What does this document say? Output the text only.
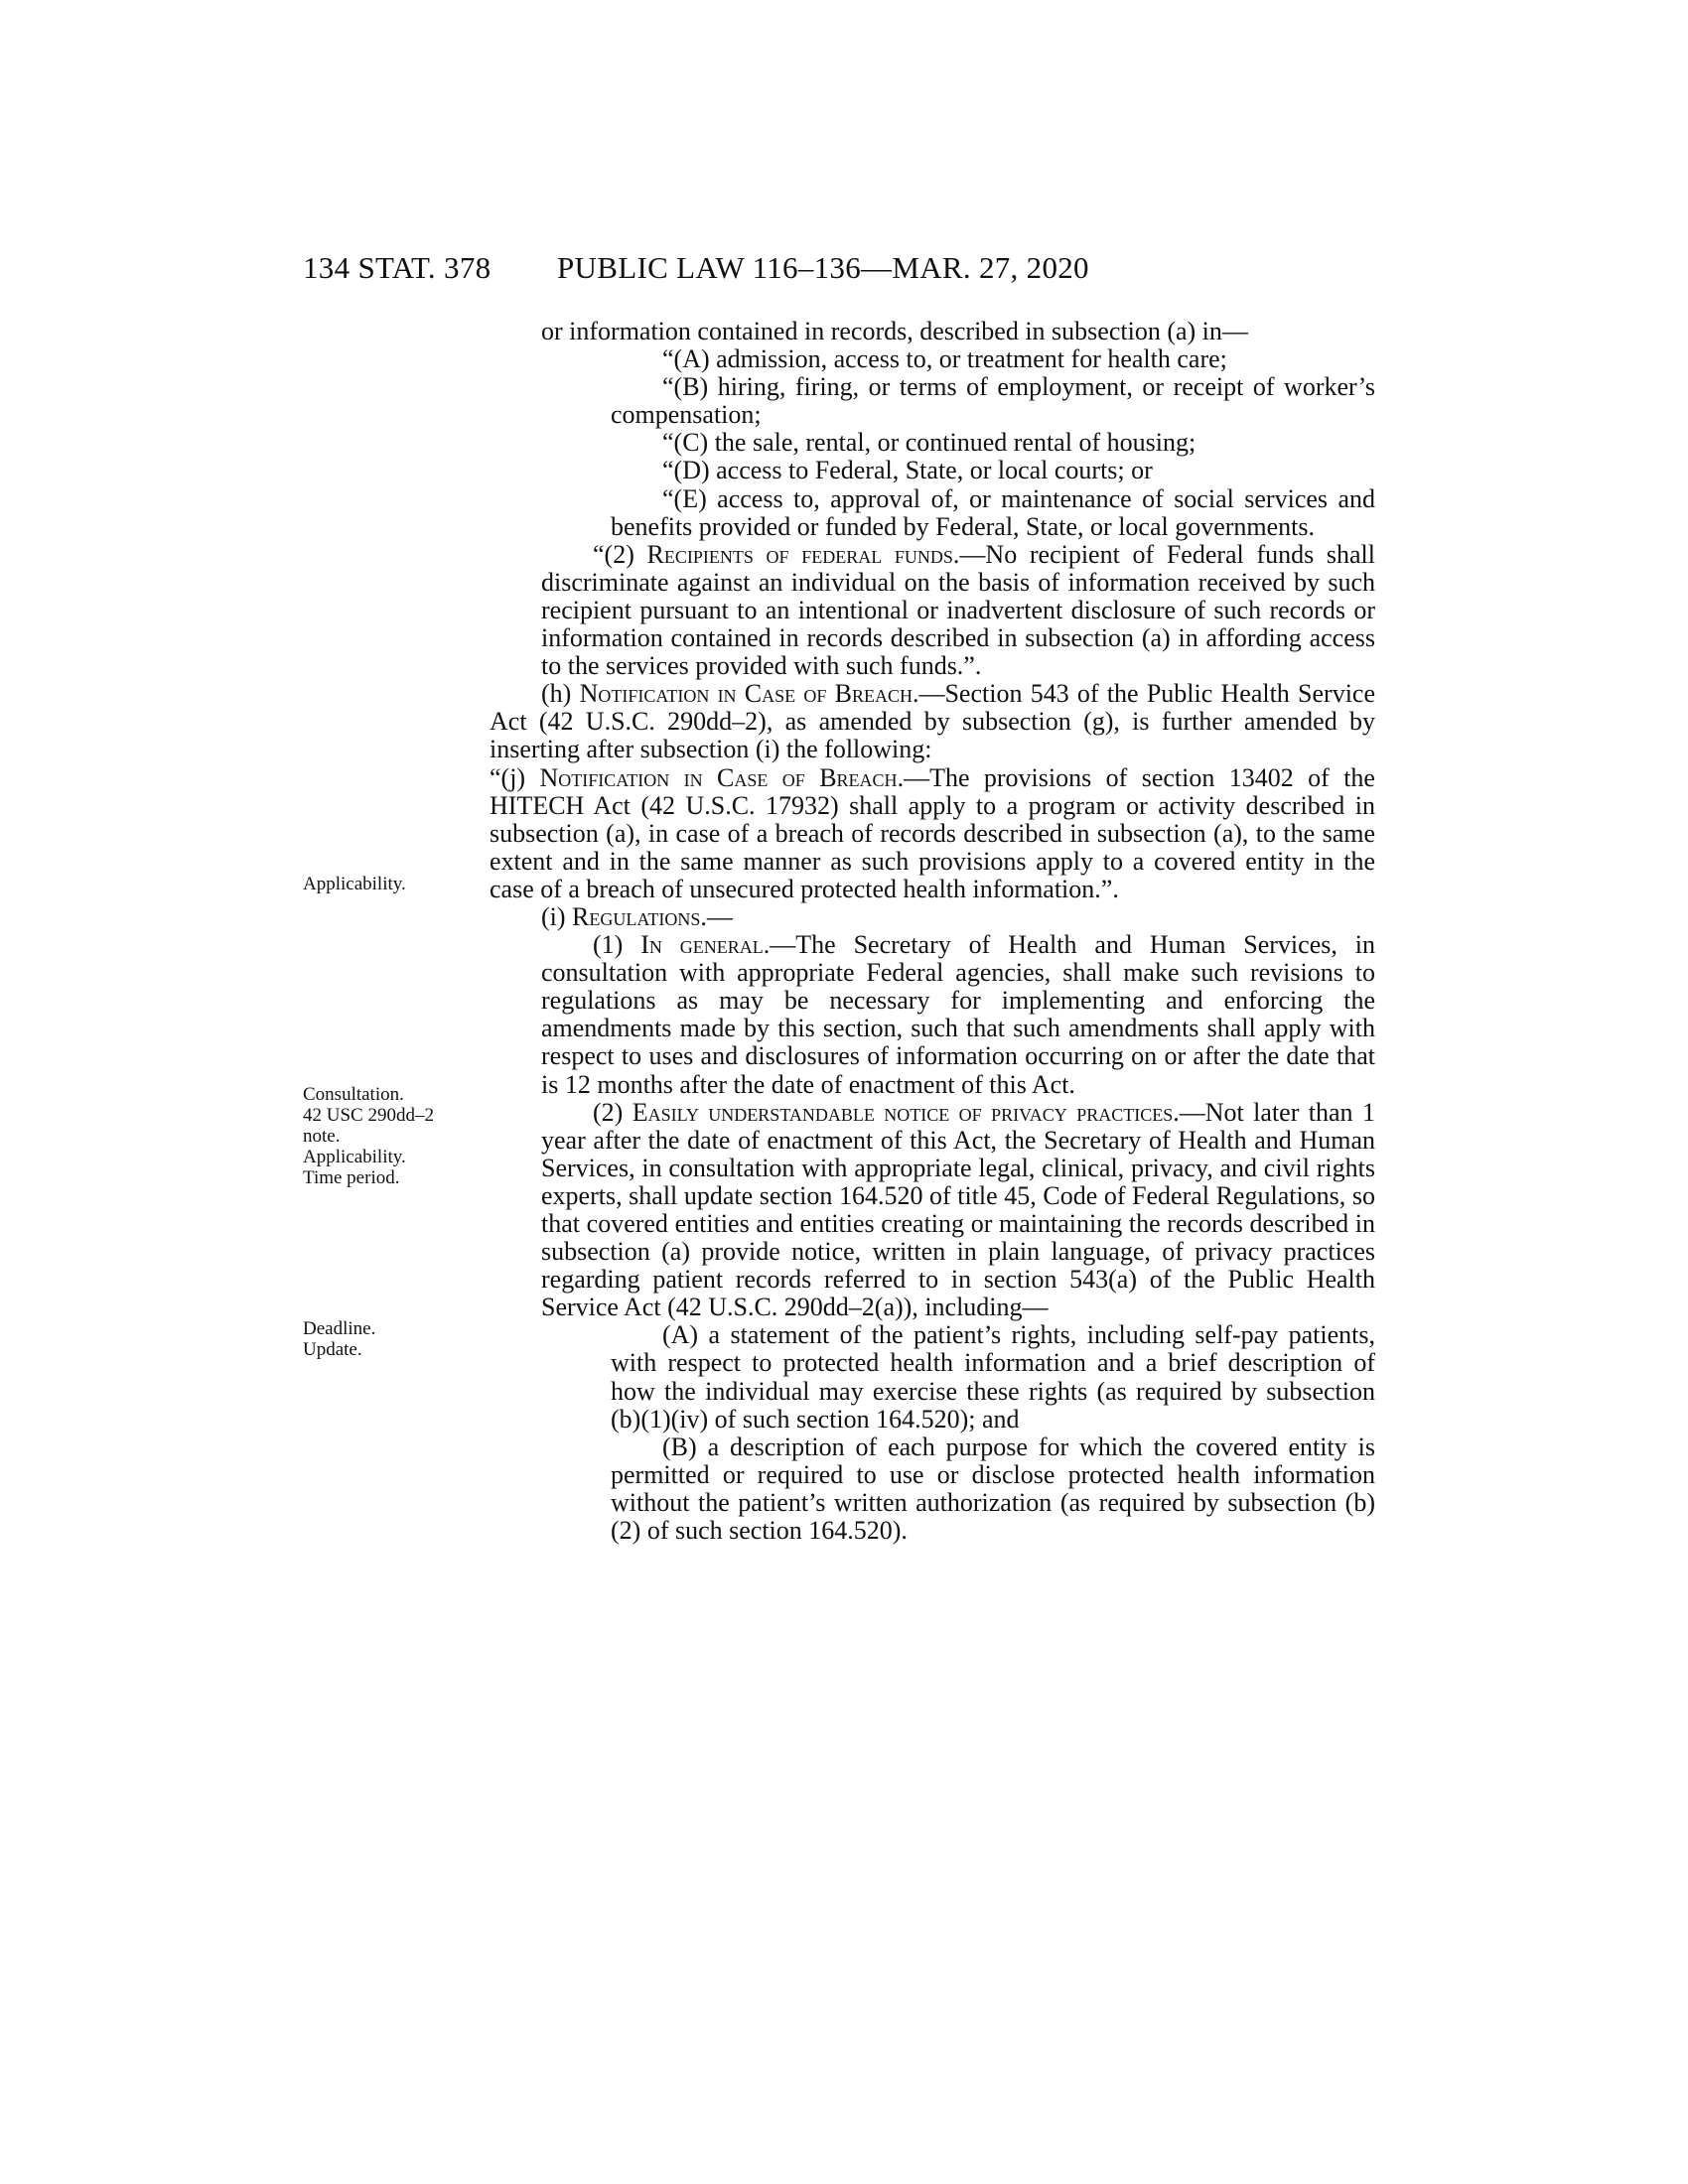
134 STAT. 378 PUBLIC LAW 116–136—MAR. 27, 2020
Applicability.
Consultation.
42 USC 290dd–2
note.
Applicability.
Time period.
Deadline.
Update.

or information contained in records, described in subsection (a) in—

“(A) admission, access to, or treatment for health care;

“(B) hiring, firing, or terms of employment, or receipt of worker’s compensation;

“(C) the sale, rental, or continued rental of housing;

“(D) access to Federal, State, or local courts; or

“(E) access to, approval of, or maintenance of social services and benefits provided or funded by Federal, State, or local governments.

“(2) Recipients of federal funds.—No recipient of Federal funds shall discriminate against an individual on the basis of information received by such recipient pursuant to an intentional or inadvertent disclosure of such records or information contained in records described in subsection (a) in affording access to the services provided with such funds.”.

(h) Notification in Case of Breach.—Section 543 of the Public Health Service Act (42 U.S.C. 290dd–2), as amended by subsection (g), is further amended by inserting after subsection (i) the following:

“(j) Notification in Case of Breach.—The provisions of section 13402 of the HITECH Act (42 U.S.C. 17932) shall apply to a program or activity described in subsection (a), in case of a breach of records described in subsection (a), to the same extent and in the same manner as such provisions apply to a covered entity in the case of a breach of unsecured protected health information.”.

(i) Regulations.—

(1) In general.—The Secretary of Health and Human Services, in consultation with appropriate Federal agencies, shall make such revisions to regulations as may be necessary for implementing and enforcing the amendments made by this section, such that such amendments shall apply with respect to uses and disclosures of information occurring on or after the date that is 12 months after the date of enactment of this Act.

(2) Easily understandable notice of privacy practices.—Not later than 1 year after the date of enactment of this Act, the Secretary of Health and Human Services, in consultation with appropriate legal, clinical, privacy, and civil rights experts, shall update section 164.520 of title 45, Code of Federal Regulations, so that covered entities and entities creating or maintaining the records described in subsection (a) provide notice, written in plain language, of privacy practices regarding patient records referred to in section 543(a) of the Public Health Service Act (42 U.S.C. 290dd–2(a)), including—

(A) a statement of the patient’s rights, including self-pay patients, with respect to protected health information and a brief description of how the individual may exercise these rights (as required by subsection (b)(1)(iv) of such section 164.520); and

(B) a description of each purpose for which the covered entity is permitted or required to use or disclose protected health information without the patient’s written authorization (as required by subsection (b)(2) of such section 164.520).
